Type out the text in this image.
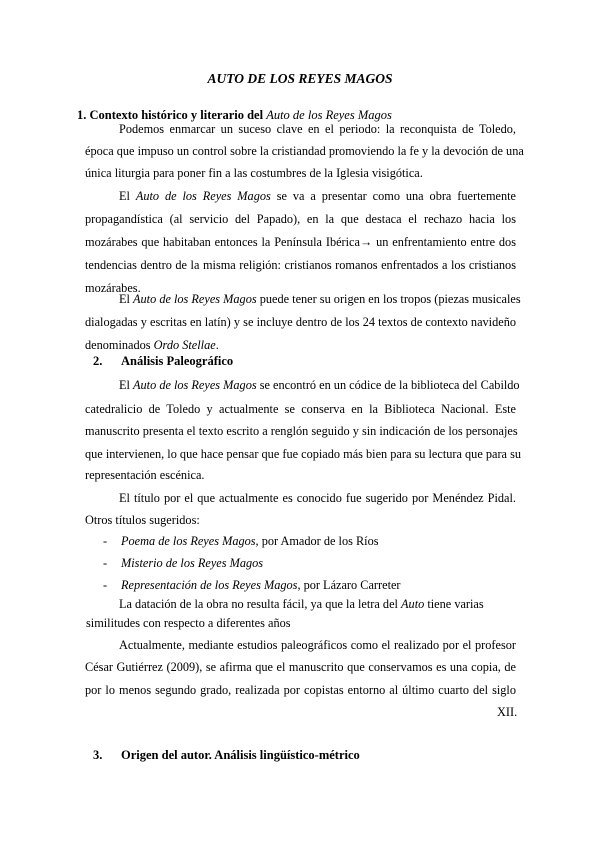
AUTO DE LOS REYES MAGOS
1. Contexto histórico y literario del Auto de los Reyes Magos
Podemos enmarcar un suceso clave en el periodo: la reconquista de Toledo,
época que impuso un control sobre la cristiandad promoviendo la fe y la devoción de una
única liturgia para poner fin a las costumbres de la Iglesia visigótica.
El Auto de los Reyes Magos se va a presentar como una obra fuertemente
propagandística (al servicio del Papado), en la que destaca el rechazo hacia los
mozárabes que habitaban entonces la Península Ibérica→ un enfrentamiento entre dos
tendencias dentro de la misma religión: cristianos romanos enfrentados a los cristianos
mozárabes.
El Auto de los Reyes Magos puede tener su origen en los tropos (piezas musicales
dialogadas y escritas en latín) y se incluye dentro de los 24 textos de contexto navideño
denominados Ordo Stellae.
2. Análisis Paleográfico
El Auto de los Reyes Magos se encontró en un códice de la biblioteca del Cabildo
catedralicio de Toledo y actualmente se conserva en la Biblioteca Nacional. Este
manuscrito presenta el texto escrito a renglón seguido y sin indicación de los personajes
que intervienen, lo que hace pensar que fue copiado más bien para su lectura que para su
representación escénica.
El título por el que actualmente es conocido fue sugerido por Menéndez Pidal.
Otros títulos sugeridos:
- Poema de los Reyes Magos, por Amador de los Ríos
- Misterio de los Reyes Magos
- Representación de los Reyes Magos, por Lázaro Carreter
La datación de la obra no resulta fácil, ya que la letra del Auto tiene varias
similitudes con respecto a diferentes años
Actualmente, mediante estudios paleográficos como el realizado por el profesor
César Gutiérrez (2009), se afirma que el manuscrito que conservamos es una copia, de
por lo menos segundo grado, realizada por copistas entorno al último cuarto del siglo
XII.
3. Origen del autor. Análisis lingüístico-métrico
